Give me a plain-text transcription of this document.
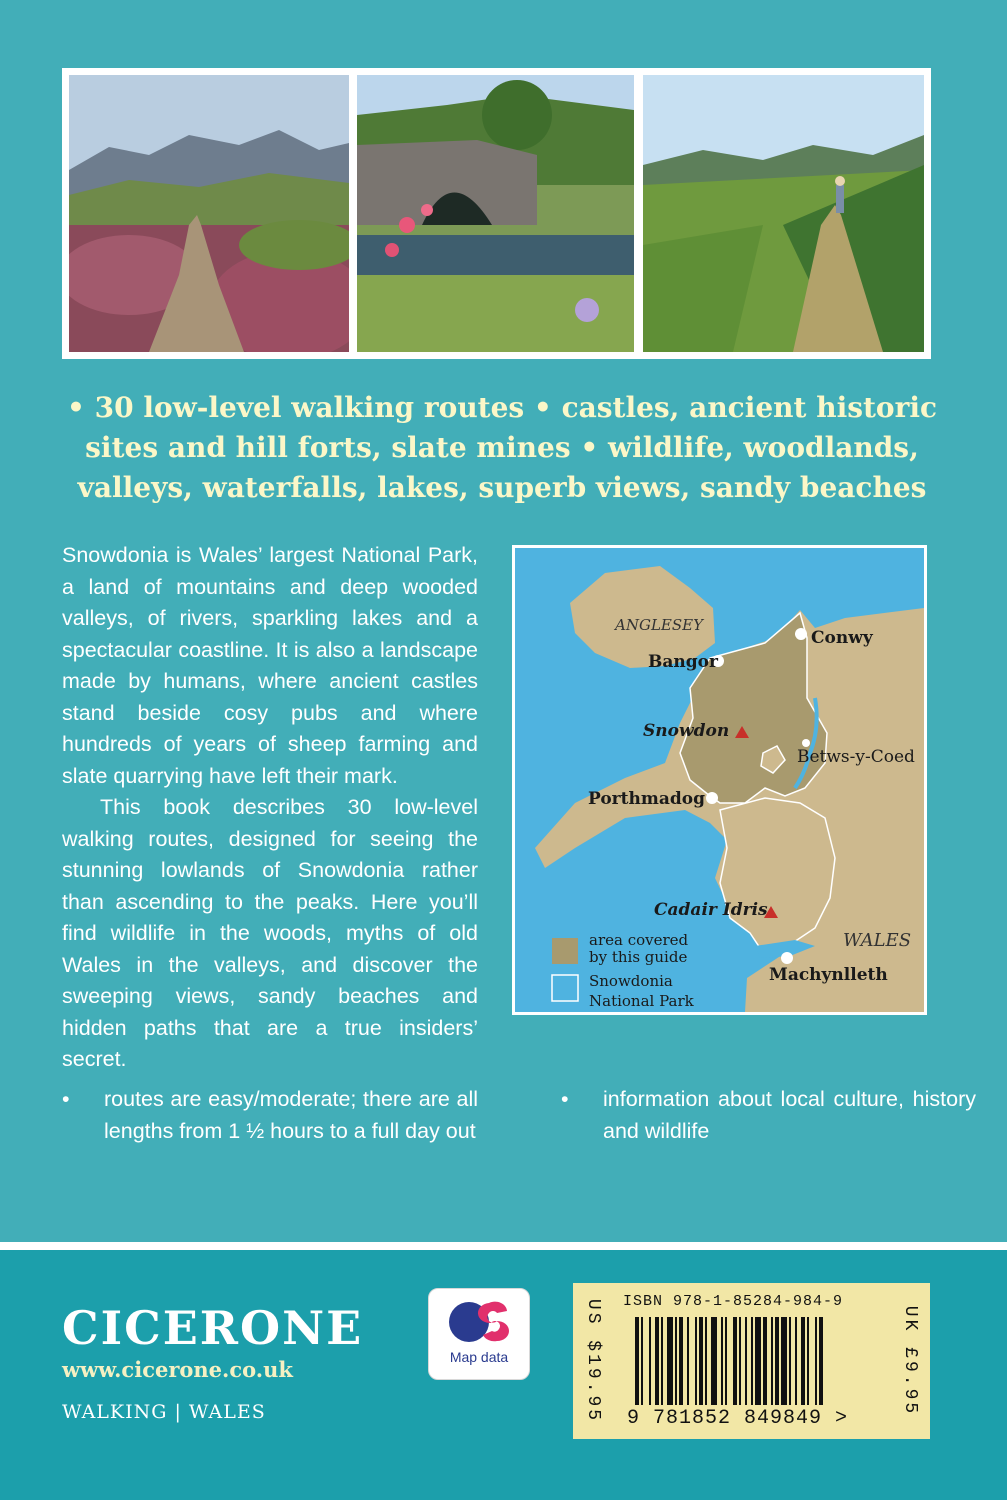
• 30 low-level walking routes • castles, ancient historic
sites and hill forts, slate mines • wildlife, woodlands,
valleys, waterfalls, lakes, superb views, sandy beaches

Snowdonia is Wales’ largest National Park, a land of mountains and deep wooded valleys, of rivers, sparkling lakes and a spectacular coastline. It is also a landscape made by humans, where ancient castles stand beside cosy pubs and where hundreds of years of sheep farming and slate quarrying have left their mark.

This book describes 30 low-level walking routes, designed for seeing the stunning lowlands of Snowdonia rather than ascending to the peaks. Here you’ll find wildlife in the woods, myths of old Wales in the valleys, and discover the sweeping views, sandy beaches and hidden paths that are a true insiders’ secret.

ANGLESEY
Conwy
Bangor
Snowdon
Betws-y-Coed
Porthmadog
Cadair Idris
WALES
Machynlleth
area covered
by this guide
Snowdonia
National Park
• routes are easy/moderate; there are all lengths from 1 ½ hours to a full day out
• information about local culture, history and wildlife
CICERONE
www.cicerone.co.uk
WALKING | WALES
Map data	US $19.95 ISBN 978-1-85284-984-9
9 781852 849849 >
UK £9.95
